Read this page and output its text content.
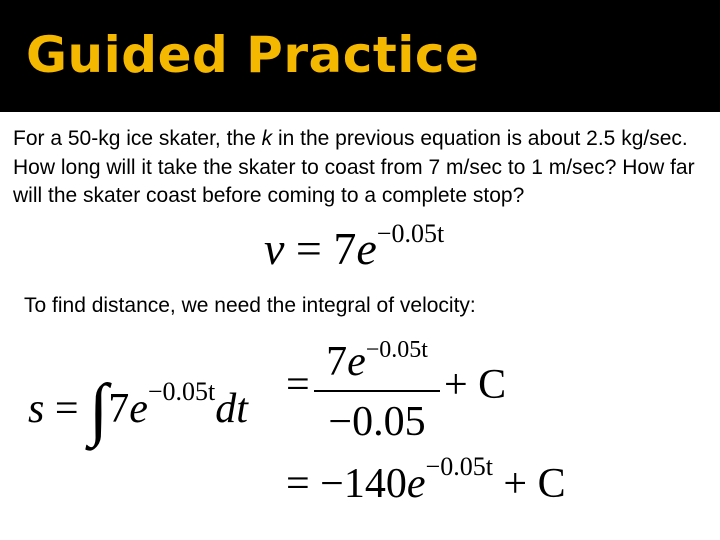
Guided Practice

For a 50-kg ice skater, the k in the previous equation is about 2.5 kg/sec. How long will it take the skater to coast from 7 m/sec to 1 m/sec? How far will the skater coast before coming to a complete stop?

$v = 7e^{-0.05t}$
To find distance, we need the integral of velocity:
$s = \int 7e^{-0.05t}dt$
= $7e^{-0.05t}$
−0.05
+ C
= $-140e^{-0.05t} + C$
